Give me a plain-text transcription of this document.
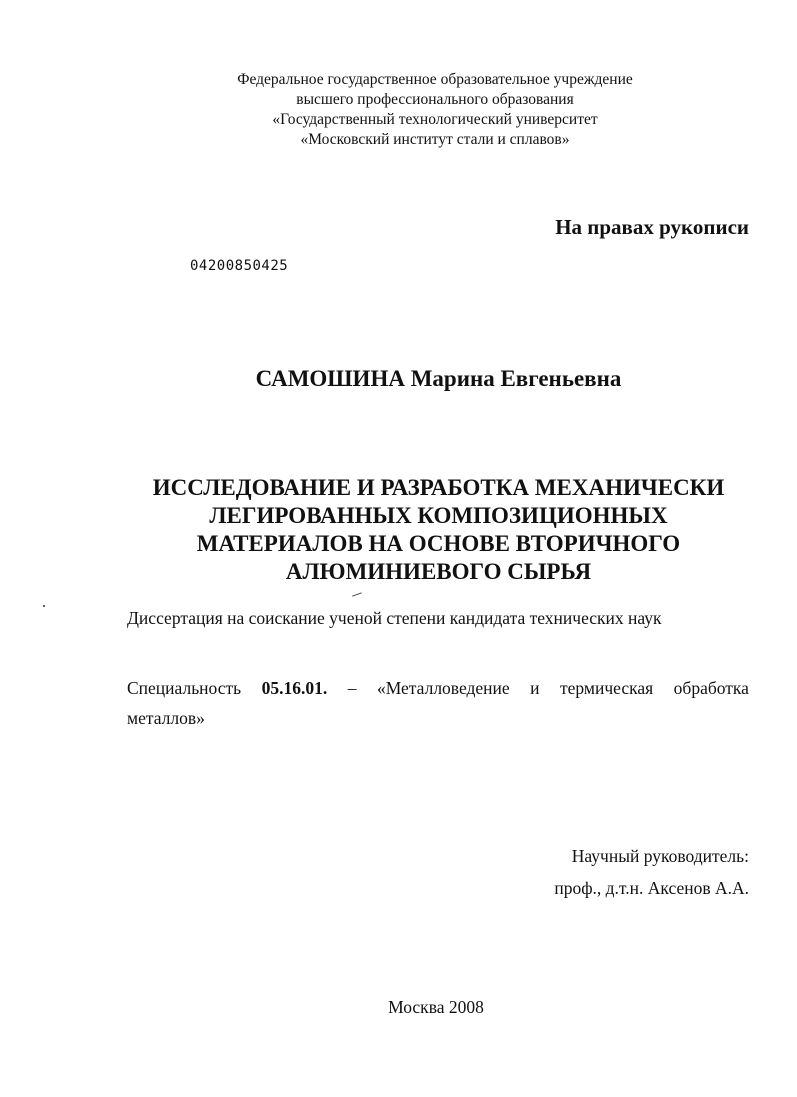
Федеральное государственное образовательное учреждение
высшего профессионального образования
«Государственный технологический университет
«Московский институт стали и сплавов»
На правах рукописи
04200850425
САМОШИНА Марина Евгеньевна
ИССЛЕДОВАНИЕ И РАЗРАБОТКА МЕХАНИЧЕСКИ
ЛЕГИРОВАННЫХ КОМПОЗИЦИОННЫХ
МАТЕРИАЛОВ НА ОСНОВЕ ВТОРИЧНОГО
АЛЮМИНИЕВОГО СЫРЬЯ
Диссертация на соискание ученой степени кандидата технических наук
Специальность 05.16.01. – «Металловедение и термическая обработка
металлов»
Научный руководитель:
проф., д.т.н. Аксенов А.А.
Москва 2008
